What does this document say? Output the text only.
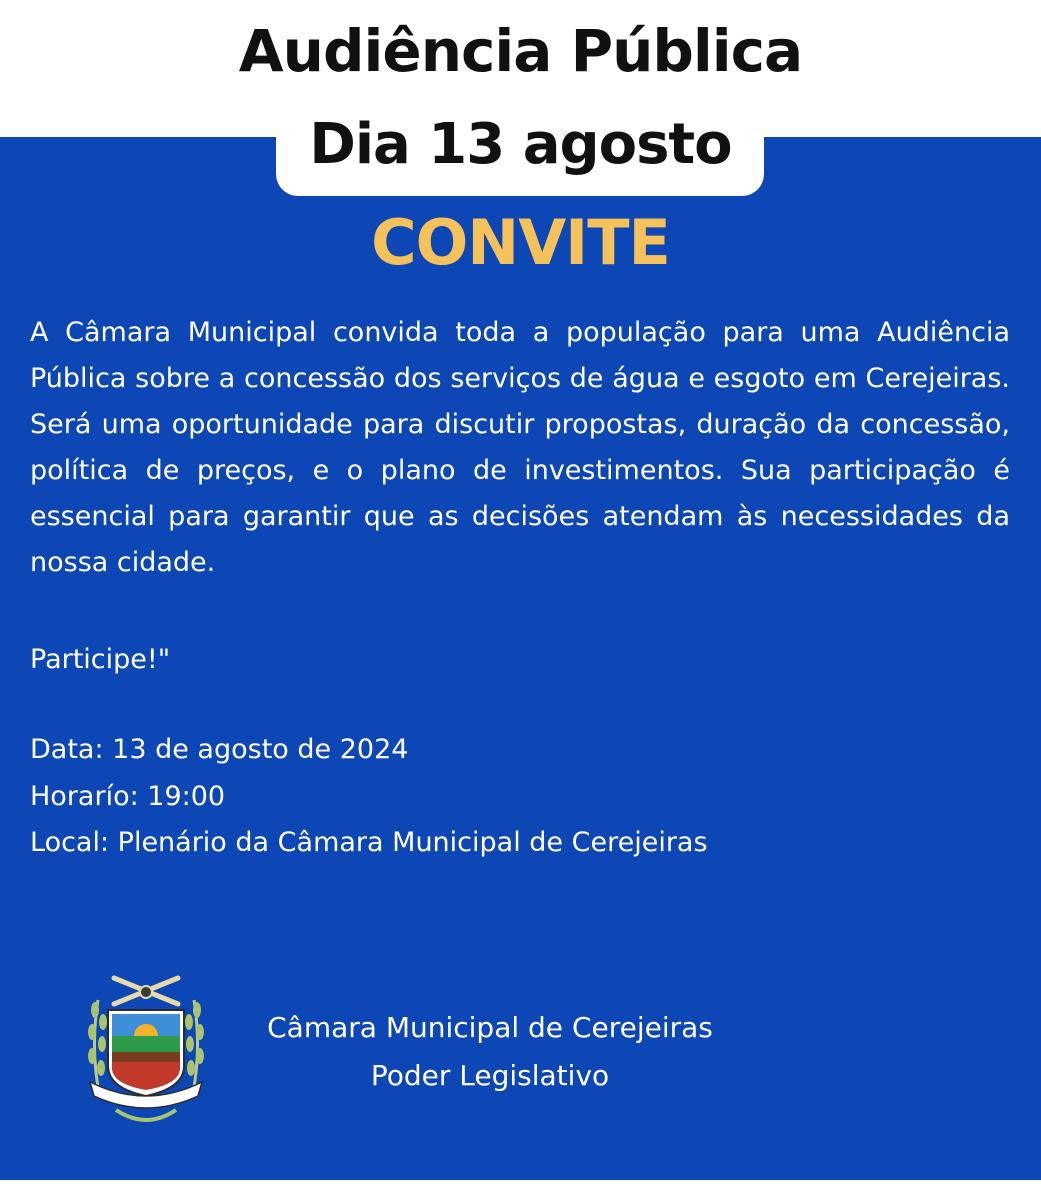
Audiência Pública
Dia 13 agosto
CONVITE
A Câmara Municipal convida toda a população para uma Audiência Pública sobre a concessão dos serviços de água e esgoto em Cerejeiras. Será uma oportunidade para discutir propostas, duração da concessão, política de preços, e o plano de investimentos. Sua participação é essencial para garantir que as decisões atendam às necessidades da nossa cidade.
Participe!"
Data: 13 de agosto de 2024
Horarío: 19:00
Local: Plenário da Câmara Municipal de Cerejeiras
Câmara Municipal de Cerejeiras
Poder Legislativo
